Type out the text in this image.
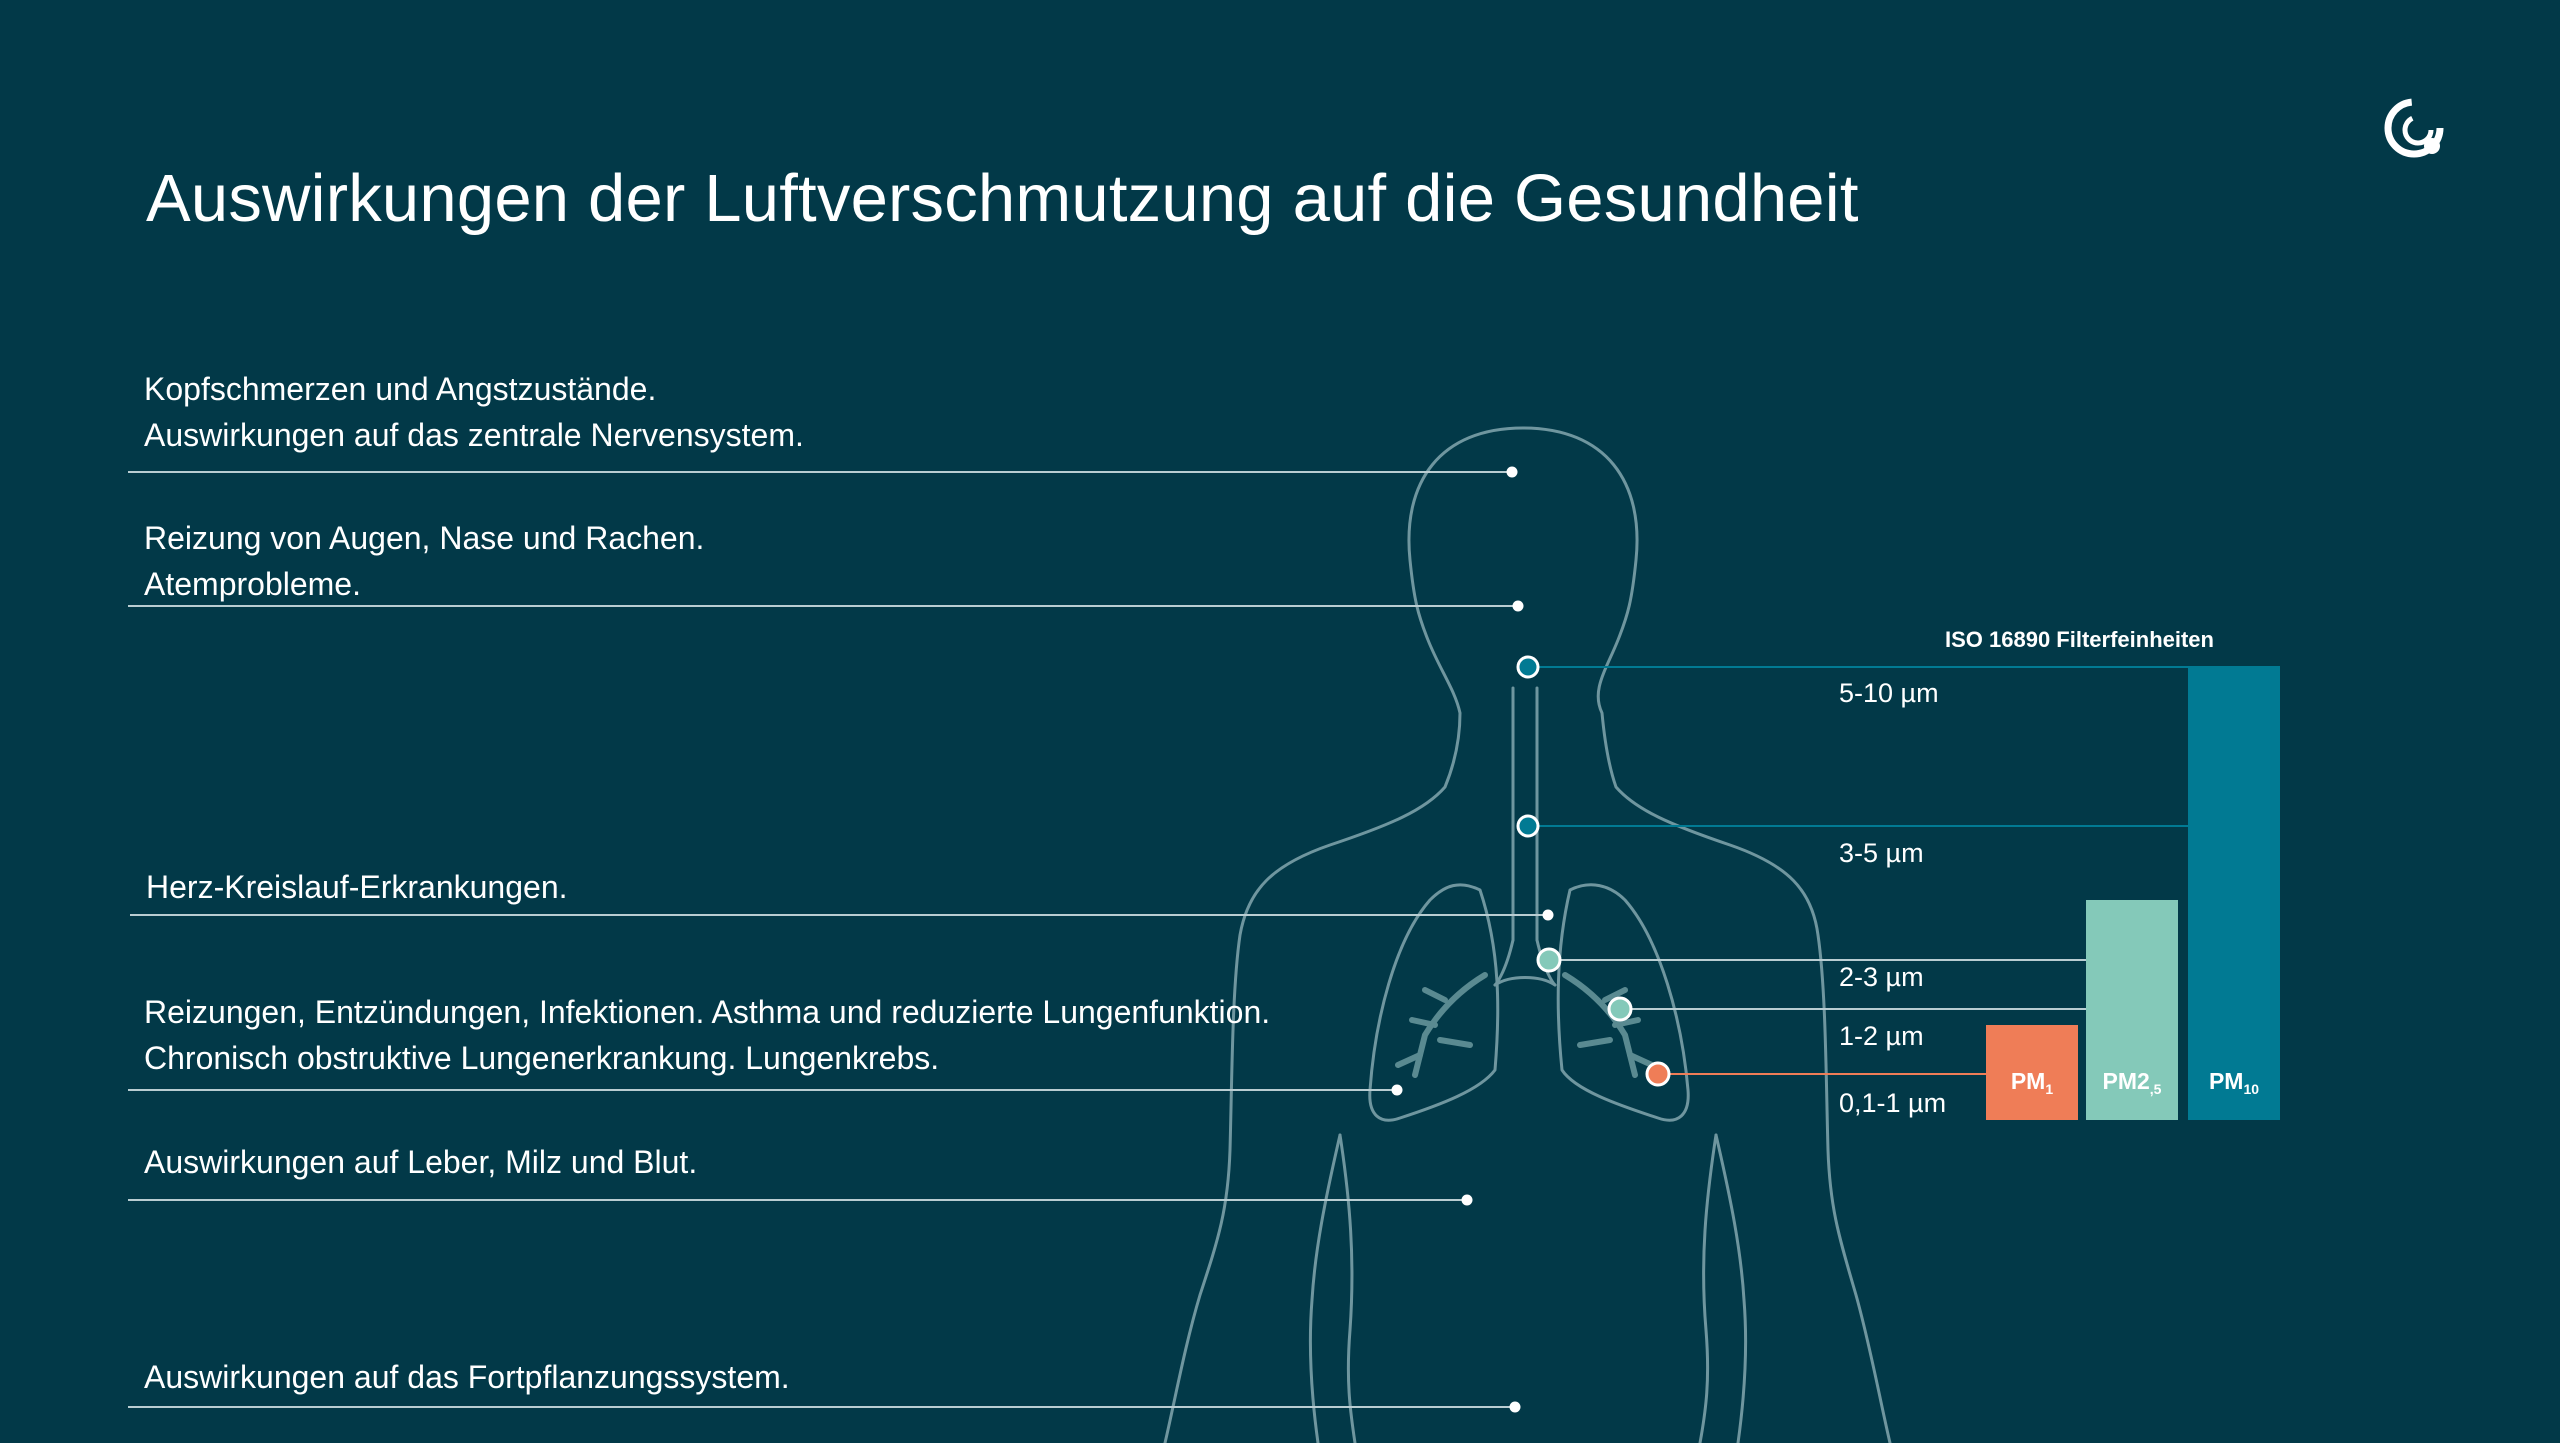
Auswirkungen der Luftverschmutzung auf die Gesundheit
Kopfschmerzen und Angstzustände.
Auswirkungen auf das zentrale Nervensystem.
Reizung von Augen, Nase und Rachen.
Atemprobleme.
Herz-Kreislauf-Erkrankungen.
Reizungen, Entzündungen, Infektionen. Asthma und reduzierte Lungenfunktion.
Chronisch obstruktive Lungenerkrankung. Lungenkrebs.
Auswirkungen auf Leber, Milz und Blut.
Auswirkungen auf das Fortpflanzungssystem.
ISO 16890 Filterfeinheiten
5-10 µm
3-5 µm
2-3 µm
1-2 µm
0,1-1 µm
$PM_1$	$PM2_{,5}$	$PM_{10}$
